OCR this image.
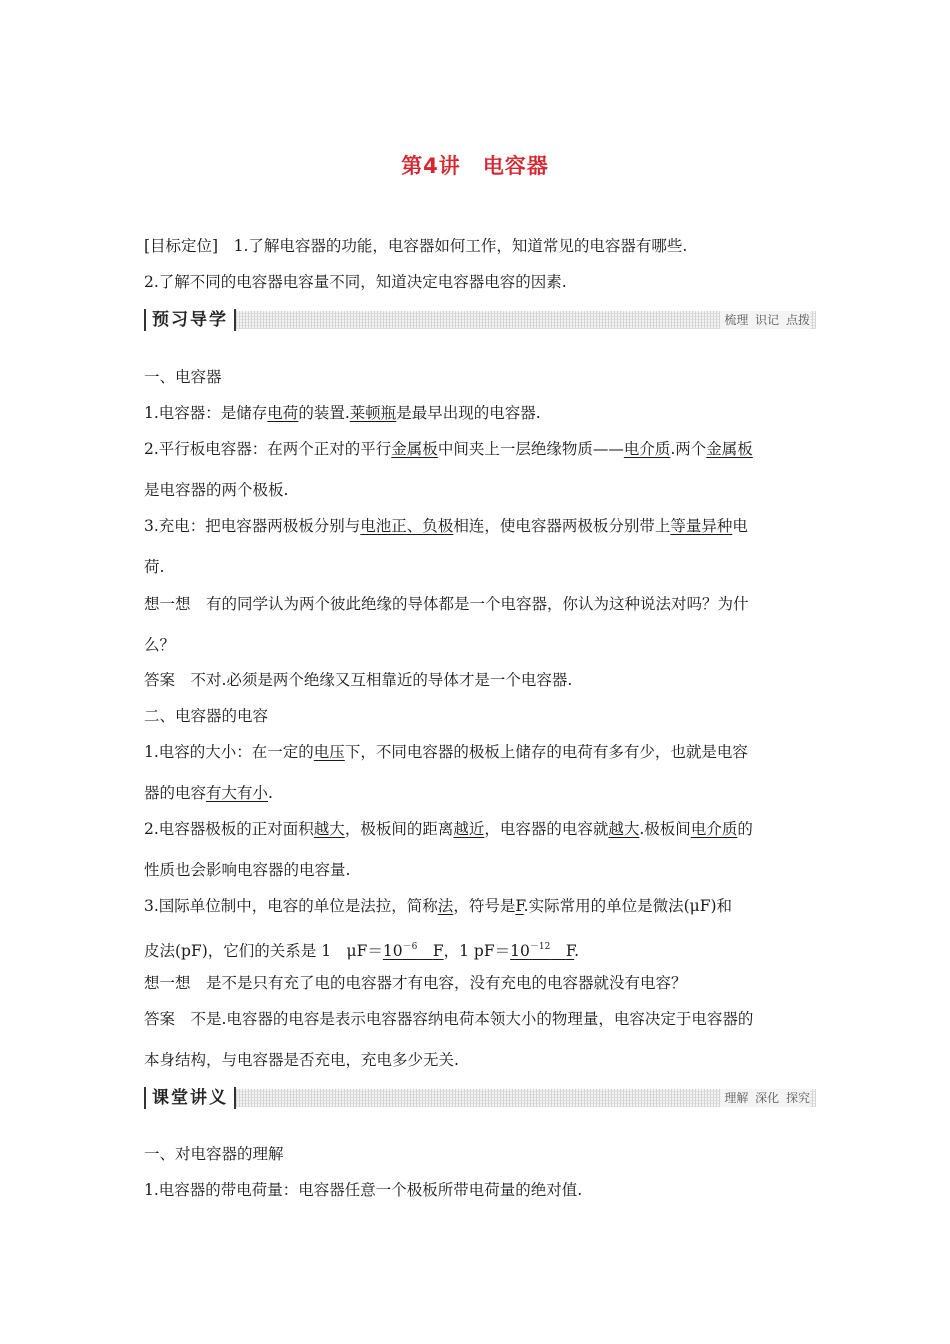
第4讲 电容器
[目标定位]　1.了解电容器的功能，电容器如何工作，知道常见的电容器有哪些.
2.了解不同的电容器电容量不同，知道决定电容器电容的因素.
预习导学	梳理 识记 点拨
一、电容器
1.电容器：是储存电荷的装置.莱顿瓶是最早出现的电容器.
2.平行板电容器：在两个正对的平行金属板中间夹上一层绝缘物质——电介质.两个金属板
是电容器的两个极板.
3.充电：把电容器两极板分别与电池正、负极相连，使电容器两极板分别带上等量异种电
荷.
想一想　有的同学认为两个彼此绝缘的导体都是一个电容器，你认为这种说法对吗？为什
么？
答案　不对.必须是两个绝缘又互相靠近的导体才是一个电容器.
二、电容器的电容
1.电容的大小：在一定的电压下，不同电容器的极板上储存的电荷有多有少，也就是电容
器的电容有大有小.
2.电容器极板的正对面积越大，极板间的距离越近，电容器的电容就越大.极板间电介质的
性质也会影响电容器的电容量.
3.国际单位制中，电容的单位是法拉，简称法，符号是F.实际常用的单位是微法(μF)和
皮法(pF)，它们的关系是 1　$\mu F=10^{-6}$　 F，1 $pF=10^{-12}$　 F.
想一想　是不是只有充了电的电容器才有电容，没有充电的电容器就没有电容？
答案　不是.电容器的电容是表示电容器容纳电荷本领大小的物理量，电容决定于电容器的
本身结构，与电容器是否充电，充电多少无关.
课堂讲义	理解 深化 探究
一、对电容器的理解
1.电容器的带电荷量：电容器任意一个极板所带电荷量的绝对值.
